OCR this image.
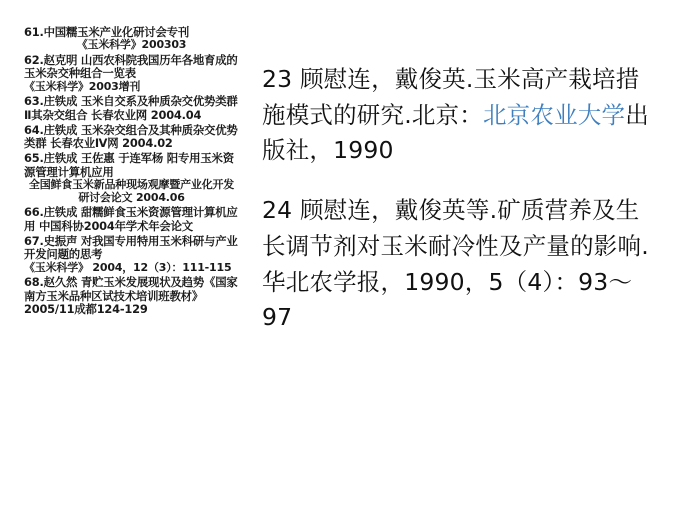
61.中国糯玉米产业化研讨会专刊
《玉米科学》200303
62.赵克明 山西农科院我国历年各地育成的玉米杂交种组合一览表
《玉米科学》2003增刊
63.庄铁成 玉米自交系及种质杂交优势类群 Ⅱ其杂交组合 长春农业网 2004.04
64.庄铁成 玉米杂交组合及其种质杂交优势类群 长春农业Ⅳ网 2004.02
65.庄铁成 王佐惠 于连军杨 阳专用玉米资源管理计算机应用
全国鲜食玉米新品种现场观摩暨产业化开发研讨会论文 2004.06
66.庄铁成 甜糯鲜食玉米资源管理计算机应用 中国科协2004年学术年会论文
67.史振声 对我国专用特用玉米科研与产业开发问题的思考
《玉米科学》 2004，12（3）：111-115
68.赵久然 青贮玉米发展现状及趋势《国家南方玉米品种区试技术培训班教材》2005/11成都124-129

23 顾慰连，戴俊英.玉米高产栽培措施模式的研究.北京：北京农业大学出版社，1990

24 顾慰连，戴俊英等.矿质营养及生长调节剂对玉米耐冷性及产量的影响.华北农学报，1990，5（4）：93～97
